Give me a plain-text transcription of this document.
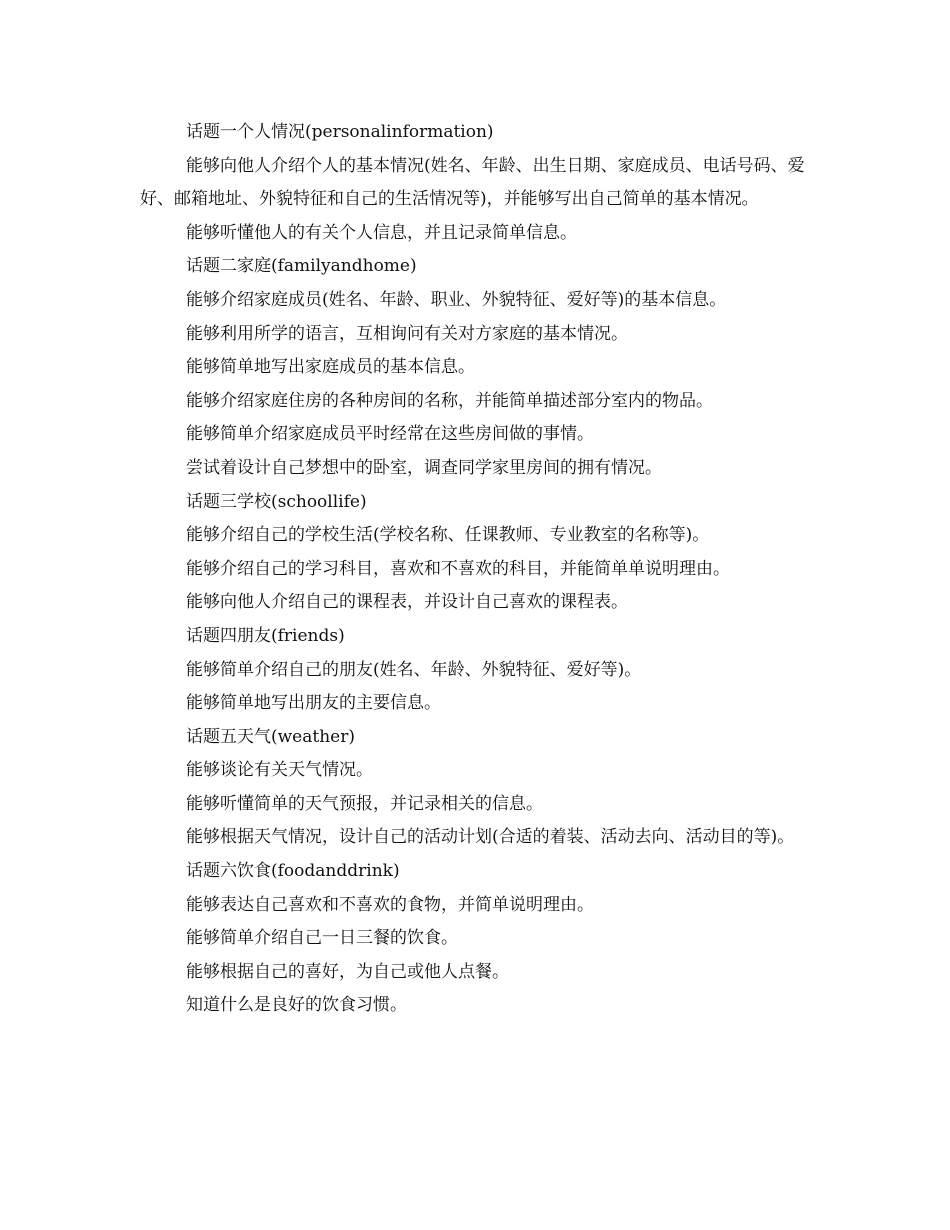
话题一个人情况(personalinformation)

能够向他人介绍个人的基本情况(姓名、年龄、出生日期、家庭成员、电话号码、爱好、邮箱地址、外貌特征和自己的生活情况等)，并能够写出自己简单的基本情况。

能够听懂他人的有关个人信息，并且记录简单信息。

话题二家庭(familyandhome)

能够介绍家庭成员(姓名、年龄、职业、外貌特征、爱好等)的基本信息。

能够利用所学的语言，互相询问有关对方家庭的基本情况。

能够简单地写出家庭成员的基本信息。

能够介绍家庭住房的各种房间的名称，并能简单描述部分室内的物品。

能够简单介绍家庭成员平时经常在这些房间做的事情。

尝试着设计自己梦想中的卧室，调查同学家里房间的拥有情况。

话题三学校(schoollife)

能够介绍自己的学校生活(学校名称、任课教师、专业教室的名称等)。

能够介绍自己的学习科目，喜欢和不喜欢的科目，并能简单单说明理由。

能够向他人介绍自己的课程表，并设计自己喜欢的课程表。

话题四朋友(friends)

能够简单介绍自己的朋友(姓名、年龄、外貌特征、爱好等)。

能够简单地写出朋友的主要信息。

话题五天气(weather)

能够谈论有关天气情况。

能够听懂简单的天气预报，并记录相关的信息。

能够根据天气情况，设计自己的活动计划(合适的着装、活动去向、活动目的等)。

话题六饮食(foodanddrink)

能够表达自己喜欢和不喜欢的食物，并简单说明理由。

能够简单介绍自己一日三餐的饮食。

能够根据自己的喜好，为自己或他人点餐。

知道什么是良好的饮食习惯。
